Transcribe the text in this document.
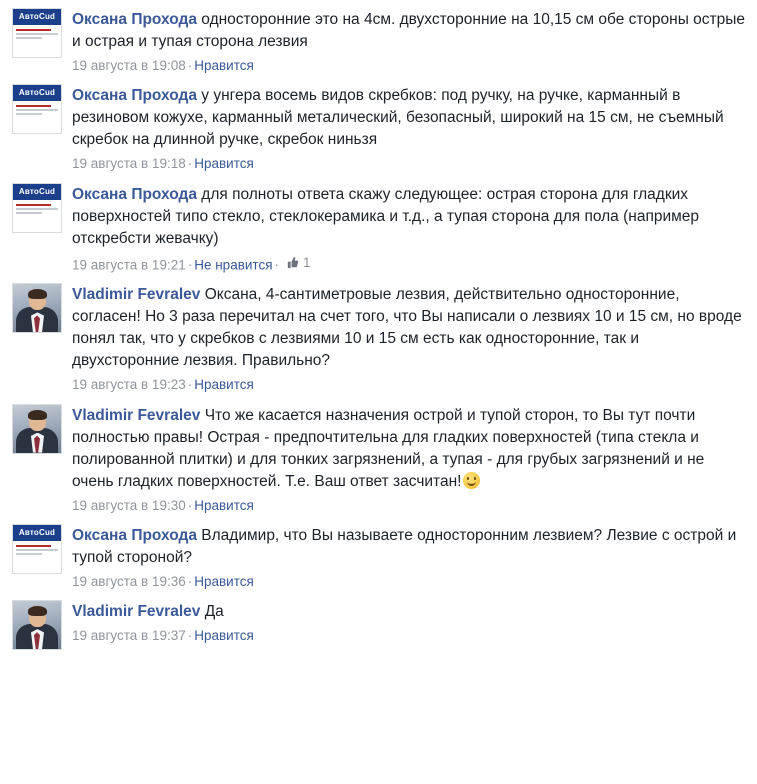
АвтоСud	Оксана Прохода односторонние это на 4см. двухсторонние на 10,15 см обе стороны острые и острая и тупая сторона лезвия
19 августа в 19:08 · Нравится
АвтоСud	Оксана Прохода у унгера восемь видов скребков: под ручку, на ручке, карманный в резиновом кожухе, карманный металический, безопасный, широкий на 15 см, не съемный скребок на длинной ручке, скребок ниньзя
19 августа в 19:18 · Нравится
АвтоСud	Оксана Прохода для полноты ответа скажу следующее: острая сторона для гладких поверхностей типо стекло, стеклокерамика и т.д., а тупая сторона для пола (например отскребсти жевачку)
19 августа в 19:21 · Не нравится · 1
Vladimir Fevralev Оксана, 4-сантиметровые лезвия, действительно односторонние, согласен! Но 3 раза перечитал на счет того, что Вы написали о лезвиях 10 и 15 см, но вроде понял так, что у скребков с лезвиями 10 и 15 см есть как односторонние, так и двухсторонние лезвия. Правильно?
19 августа в 19:23 · Нравится
Vladimir Fevralev Что же касается назначения острой и тупой сторон, то Вы тут почти полностью правы! Острая - предпочтительна для гладких поверхностей (типа стекла и полированной плитки) и для тонких загрязнений, а тупая - для грубых загрязнений и не очень гладких поверхностей. Т.е. Ваш ответ засчитан!
19 августа в 19:30 · Нравится
АвтоСud	Оксана Прохода Владимир, что Вы называете односторонним лезвием? Лезвие с острой и тупой стороной?
19 августа в 19:36 · Нравится
Vladimir Fevralev Да
19 августа в 19:37 · Нравится
